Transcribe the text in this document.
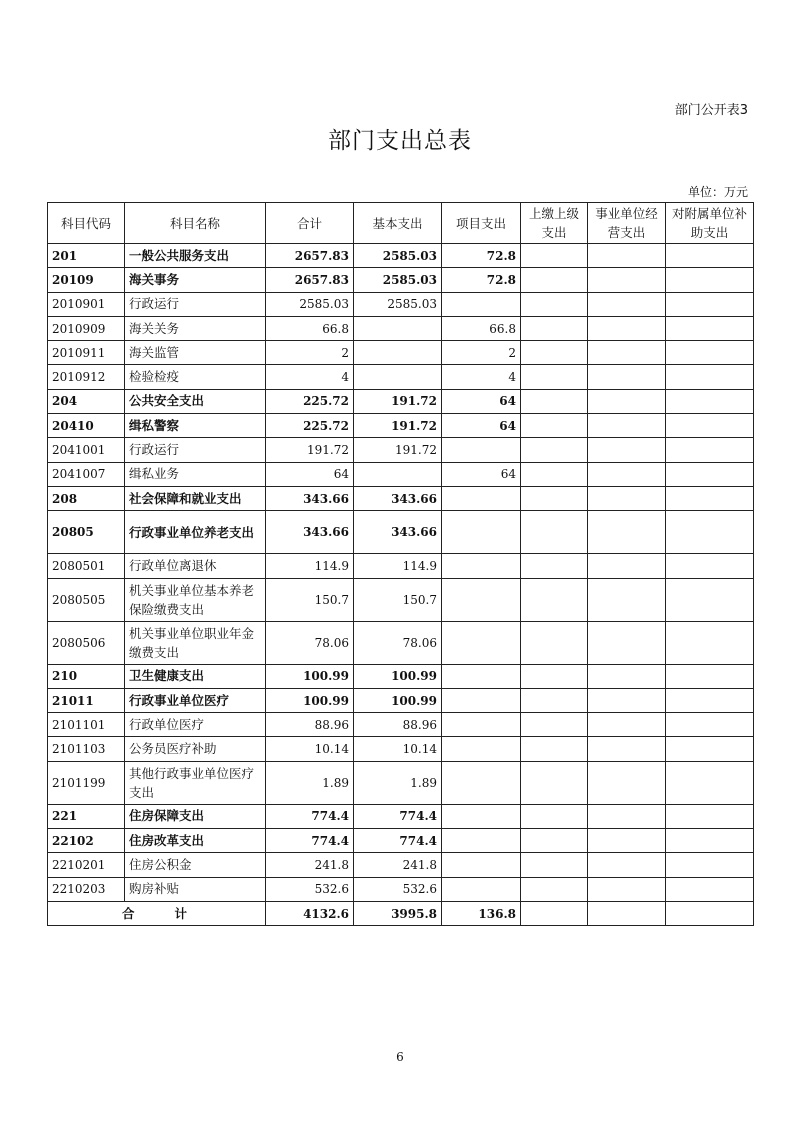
部门公开表3
部门支出总表
单位：万元
科目代码	科目名称	合计	基本支出	项目支出	上缴上级支出	事业单位经营支出	对附属单位补助支出
201	一般公共服务支出	2657.83	2585.03	72.8			
20109	海关事务	2657.83	2585.03	72.8			
2010901	行政运行	2585.03	2585.03				
2010909	海关关务	66.8		66.8			
2010911	海关监管	2		2			
2010912	检验检疫	4		4			
204	公共安全支出	225.72	191.72	64			
20410	缉私警察	225.72	191.72	64			
2041001	行政运行	191.72	191.72				
2041007	缉私业务	64		64			
208	社会保障和就业支出	343.66	343.66				
20805	行政事业单位养老支出	343.66	343.66				
2080501	行政单位离退休	114.9	114.9				
2080505	机关事业单位基本养老保险缴费支出	150.7	150.7				
2080506	机关事业单位职业年金缴费支出	78.06	78.06				
210	卫生健康支出	100.99	100.99				
21011	行政事业单位医疗	100.99	100.99				
2101101	行政单位医疗	88.96	88.96				
2101103	公务员医疗补助	10.14	10.14				
2101199	其他行政事业单位医疗支出	1.89	1.89				
221	住房保障支出	774.4	774.4				
22102	住房改革支出	774.4	774.4				
2210201	住房公积金	241.8	241.8				
2210203	购房补贴	532.6	532.6				
合计		4132.6	3995.8	136.8			
6
